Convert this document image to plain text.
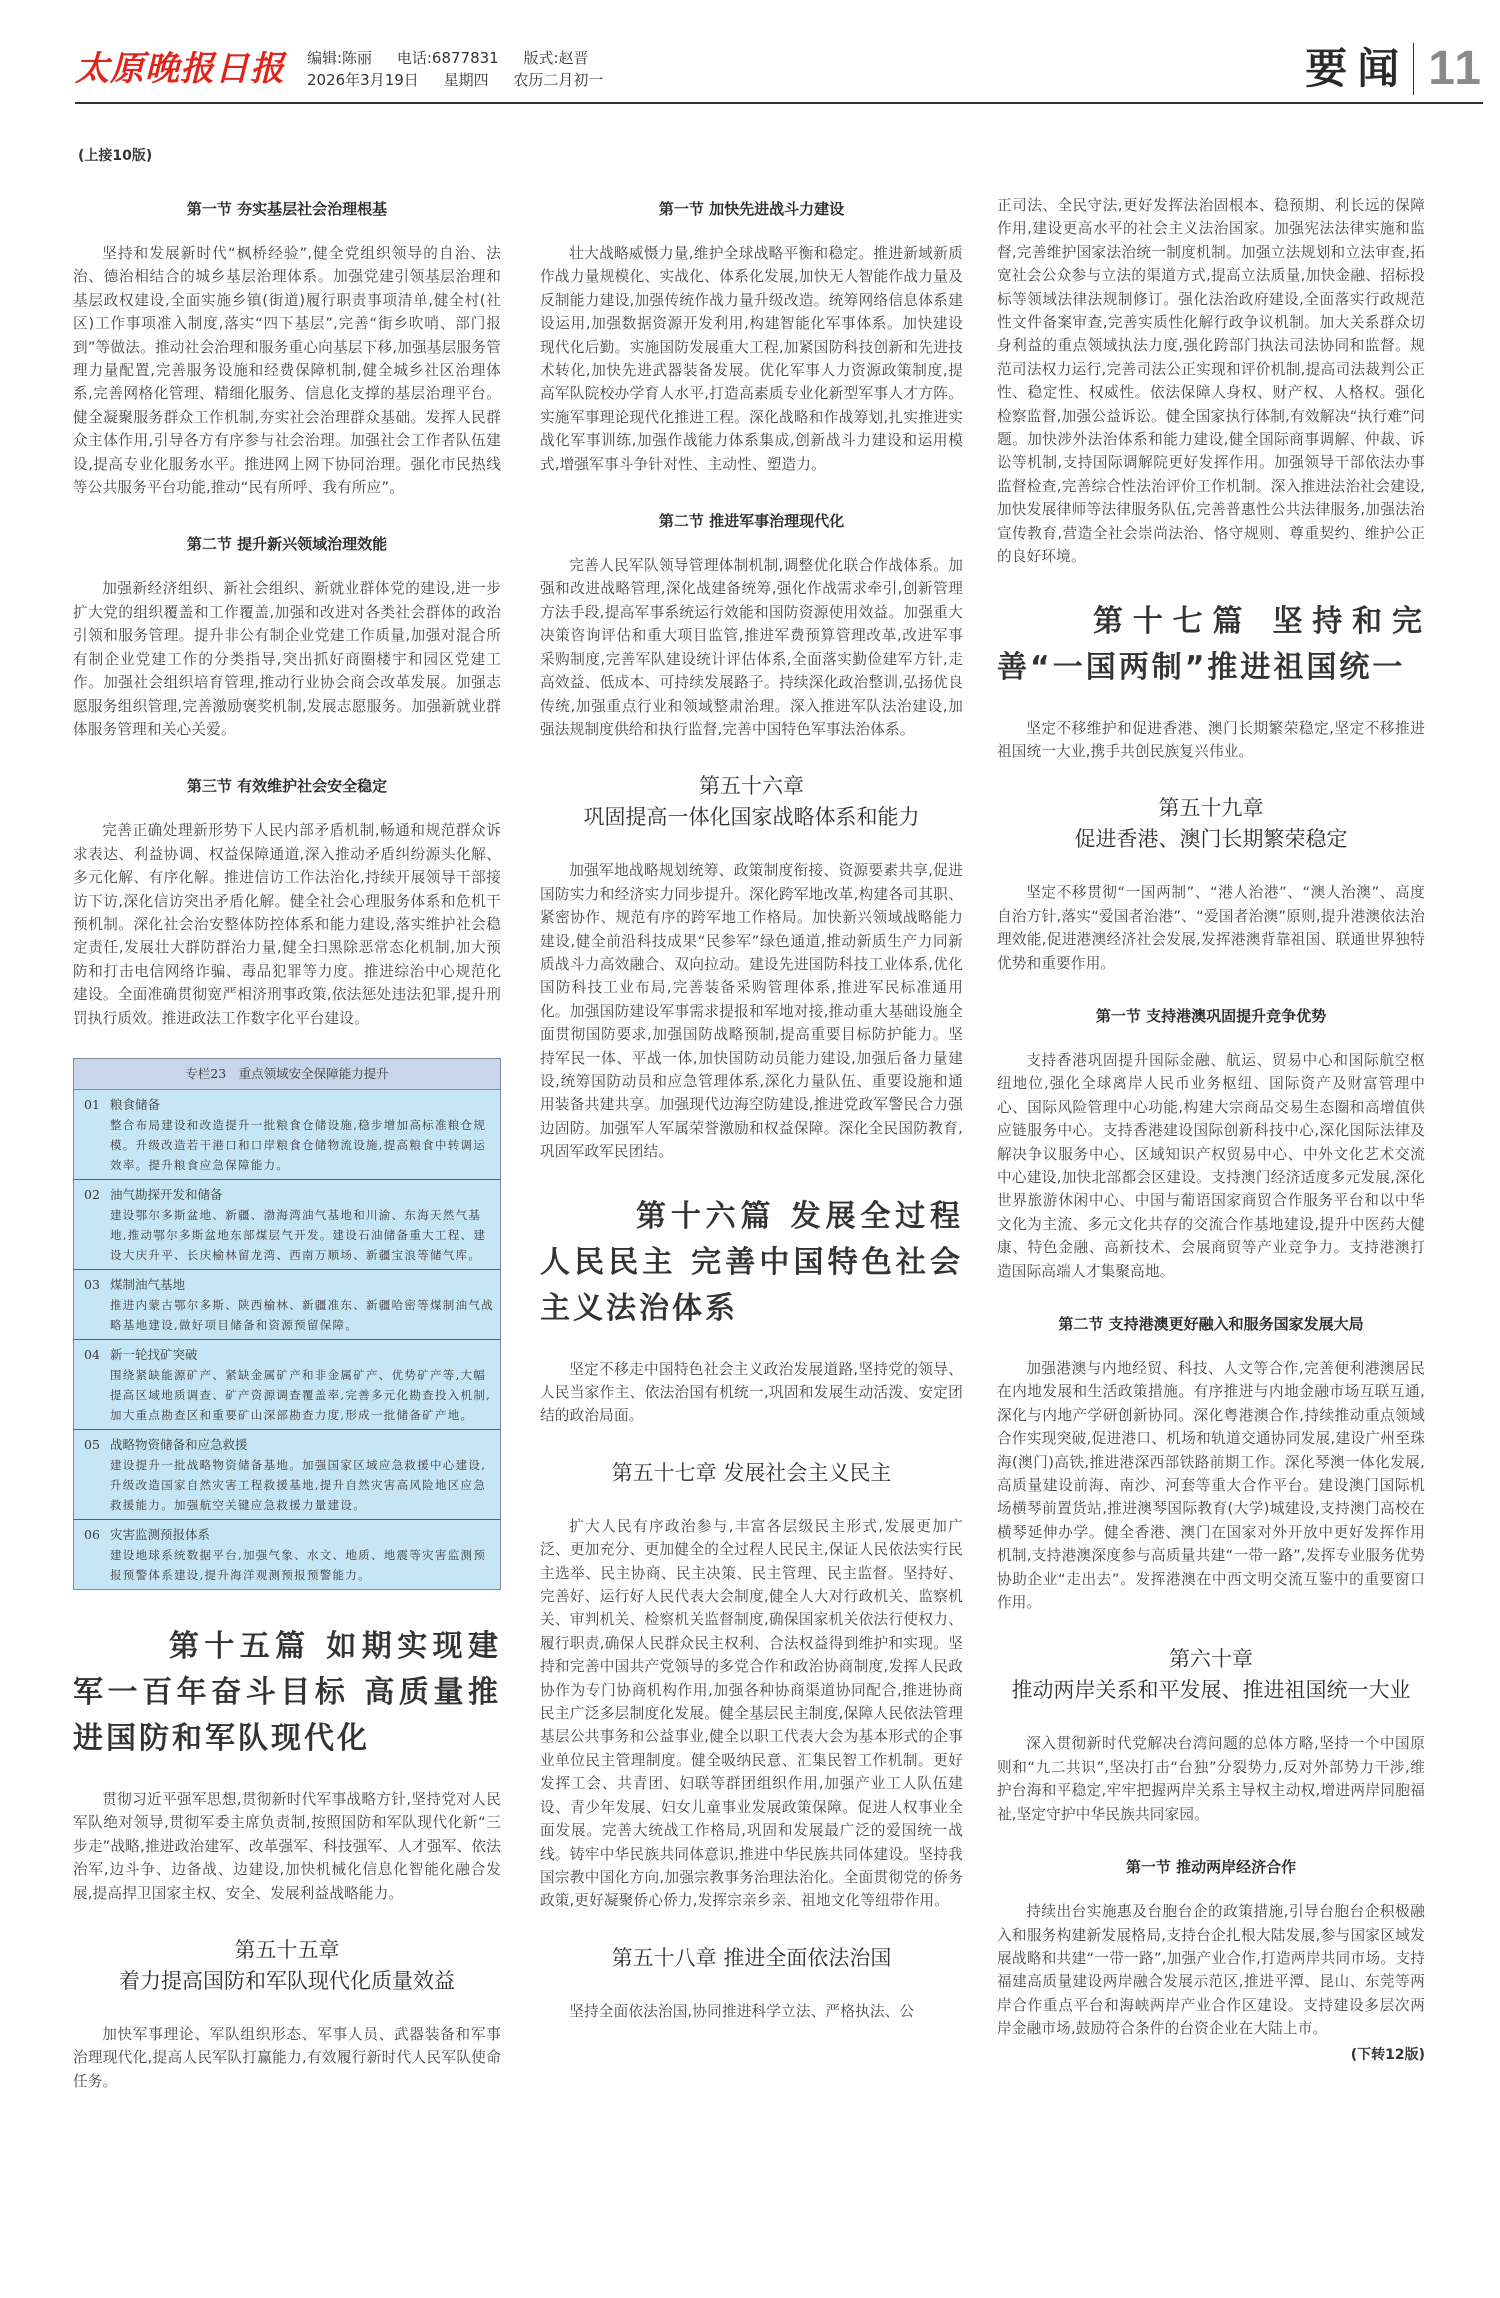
太原晚报日报 编辑:陈丽 电话:6877831 版式:赵晋
2026年3月19日 星期四 农历二月初一	要闻 11
(上接10版)
第一节 夯实基层社会治理根基

坚持和发展新时代“枫桥经验”,健全党组织领导的自治、法治、德治相结合的城乡基层治理体系。加强党建引领基层治理和基层政权建设,全面实施乡镇(街道)履行职责事项清单,健全村(社区)工作事项准入制度,落实“四下基层”,完善“街乡吹哨、部门报到”等做法。推动社会治理和服务重心向基层下移,加强基层服务管理力量配置,完善服务设施和经费保障机制,健全城乡社区治理体系,完善网格化管理、精细化服务、信息化支撑的基层治理平台。健全凝聚服务群众工作机制,夯实社会治理群众基础。发挥人民群众主体作用,引导各方有序参与社会治理。加强社会工作者队伍建设,提高专业化服务水平。推进网上网下协同治理。强化市民热线等公共服务平台功能,推动“民有所呼、我有所应”。

第二节 提升新兴领域治理效能

加强新经济组织、新社会组织、新就业群体党的建设,进一步扩大党的组织覆盖和工作覆盖,加强和改进对各类社会群体的政治引领和服务管理。提升非公有制企业党建工作质量,加强对混合所有制企业党建工作的分类指导,突出抓好商圈楼宇和园区党建工作。加强社会组织培育管理,推动行业协会商会改革发展。加强志愿服务组织管理,完善激励褒奖机制,发展志愿服务。加强新就业群体服务管理和关心关爱。

第三节 有效维护社会安全稳定

完善正确处理新形势下人民内部矛盾机制,畅通和规范群众诉求表达、利益协调、权益保障通道,深入推动矛盾纠纷源头化解、多元化解、有序化解。推进信访工作法治化,持续开展领导干部接访下访,深化信访突出矛盾化解。健全社会心理服务体系和危机干预机制。深化社会治安整体防控体系和能力建设,落实维护社会稳定责任,发展壮大群防群治力量,健全扫黑除恶常态化机制,加大预防和打击电信网络诈骗、毒品犯罪等力度。推进综治中心规范化建设。全面准确贯彻宽严相济刑事政策,依法惩处违法犯罪,提升刑罚执行质效。推进政法工作数字化平台建设。

专栏23　重点领域安全保障能力提升
01 粮食储备
整合布局建设和改造提升一批粮食仓储设施,稳步增加高标准粮仓规模。升级改造若干港口和口岸粮食仓储物流设施,提高粮食中转调运效率。提升粮食应急保障能力。
02 油气勘探开发和储备
建设鄂尔多斯盆地、新疆、渤海湾油气基地和川渝、东海天然气基地,推动鄂尔多斯盆地东部煤层气开发。建设石油储备重大工程、建设大庆升平、长庆榆林留龙湾、西南万顺场、新疆宝浪等储气库。
03 煤制油气基地
推进内蒙古鄂尔多斯、陕西榆林、新疆准东、新疆哈密等煤制油气战略基地建设,做好项目储备和资源预留保障。
04 新一轮找矿突破
围绕紧缺能源矿产、紧缺金属矿产和非金属矿产、优势矿产等,大幅提高区域地质调查、矿产资源调查覆盖率,完善多元化勘查投入机制,加大重点勘查区和重要矿山深部勘查力度,形成一批储备矿产地。
05 战略物资储备和应急救援
建设提升一批战略物资储备基地。加强国家区域应急救援中心建设,升级改造国家自然灾害工程救援基地,提升自然灾害高风险地区应急救援能力。加强航空关键应急救援力量建设。
06 灾害监测预报体系
建设地球系统数据平台,加强气象、水文、地质、地震等灾害监测预报预警体系建设,提升海洋观测预报预警能力。
第十五篇 如期实现建军一百年奋斗目标 高质量推进国防和军队现代化

贯彻习近平强军思想,贯彻新时代军事战略方针,坚持党对人民军队绝对领导,贯彻军委主席负责制,按照国防和军队现代化新“三步走”战略,推进政治建军、改革强军、科技强军、人才强军、依法治军,边斗争、边备战、边建设,加快机械化信息化智能化融合发展,提高捍卫国家主权、安全、发展利益战略能力。

第五十五章
着力提高国防和军队现代化质量效益

加快军事理论、军队组织形态、军事人员、武器装备和军事治理现代化,提高人民军队打赢能力,有效履行新时代人民军队使命任务。

第一节 加快先进战斗力建设

壮大战略威慑力量,维护全球战略平衡和稳定。推进新域新质作战力量规模化、实战化、体系化发展,加快无人智能作战力量及反制能力建设,加强传统作战力量升级改造。统筹网络信息体系建设运用,加强数据资源开发利用,构建智能化军事体系。加快建设现代化后勤。实施国防发展重大工程,加紧国防科技创新和先进技术转化,加快先进武器装备发展。优化军事人力资源政策制度,提高军队院校办学育人水平,打造高素质专业化新型军事人才方阵。实施军事理论现代化推进工程。深化战略和作战筹划,扎实推进实战化军事训练,加强作战能力体系集成,创新战斗力建设和运用模式,增强军事斗争针对性、主动性、塑造力。

第二节 推进军事治理现代化

完善人民军队领导管理体制机制,调整优化联合作战体系。加强和改进战略管理,深化战建备统筹,强化作战需求牵引,创新管理方法手段,提高军事系统运行效能和国防资源使用效益。加强重大决策咨询评估和重大项目监管,推进军费预算管理改革,改进军事采购制度,完善军队建设统计评估体系,全面落实勤俭建军方针,走高效益、低成本、可持续发展路子。持续深化政治整训,弘扬优良传统,加强重点行业和领域整肃治理。深入推进军队法治建设,加强法规制度供给和执行监督,完善中国特色军事法治体系。

第五十六章
巩固提高一体化国家战略体系和能力

加强军地战略规划统筹、政策制度衔接、资源要素共享,促进国防实力和经济实力同步提升。深化跨军地改革,构建各司其职、紧密协作、规范有序的跨军地工作格局。加快新兴领域战略能力建设,健全前沿科技成果“民参军”绿色通道,推动新质生产力同新质战斗力高效融合、双向拉动。建设先进国防科技工业体系,优化国防科技工业布局,完善装备采购管理体系,推进军民标准通用化。加强国防建设军事需求提报和军地对接,推动重大基础设施全面贯彻国防要求,加强国防战略预制,提高重要目标防护能力。坚持军民一体、平战一体,加快国防动员能力建设,加强后备力量建设,统筹国防动员和应急管理体系,深化力量队伍、重要设施和通用装备共建共享。加强现代边海空防建设,推进党政军警民合力强边固防。加强军人军属荣誉激励和权益保障。深化全民国防教育,巩固军政军民团结。

第十六篇 发展全过程人民民主 完善中国特色社会主义法治体系

坚定不移走中国特色社会主义政治发展道路,坚持党的领导、人民当家作主、依法治国有机统一,巩固和发展生动活泼、安定团结的政治局面。

第五十七章 发展社会主义民主

扩大人民有序政治参与,丰富各层级民主形式,发展更加广泛、更加充分、更加健全的全过程人民民主,保证人民依法实行民主选举、民主协商、民主决策、民主管理、民主监督。坚持好、完善好、运行好人民代表大会制度,健全人大对行政机关、监察机关、审判机关、检察机关监督制度,确保国家机关依法行使权力、履行职责,确保人民群众民主权利、合法权益得到维护和实现。坚持和完善中国共产党领导的多党合作和政治协商制度,发挥人民政协作为专门协商机构作用,加强各种协商渠道协同配合,推进协商民主广泛多层制度化发展。健全基层民主制度,保障人民依法管理基层公共事务和公益事业,健全以职工代表大会为基本形式的企事业单位民主管理制度。健全吸纳民意、汇集民智工作机制。更好发挥工会、共青团、妇联等群团组织作用,加强产业工人队伍建设、青少年发展、妇女儿童事业发展政策保障。促进人权事业全面发展。完善大统战工作格局,巩固和发展最广泛的爱国统一战线。铸牢中华民族共同体意识,推进中华民族共同体建设。坚持我国宗教中国化方向,加强宗教事务治理法治化。全面贯彻党的侨务政策,更好凝聚侨心侨力,发挥宗亲乡亲、祖地文化等纽带作用。

第五十八章 推进全面依法治国

坚持全面依法治国,协同推进科学立法、严格执法、公

正司法、全民守法,更好发挥法治固根本、稳预期、利长远的保障作用,建设更高水平的社会主义法治国家。加强宪法法律实施和监督,完善维护国家法治统一制度机制。加强立法规划和立法审查,拓宽社会公众参与立法的渠道方式,提高立法质量,加快金融、招标投标等领域法律法规制修订。强化法治政府建设,全面落实行政规范性文件备案审查,完善实质性化解行政争议机制。加大关系群众切身利益的重点领域执法力度,强化跨部门执法司法协同和监督。规范司法权力运行,完善司法公正实现和评价机制,提高司法裁判公正性、稳定性、权威性。依法保障人身权、财产权、人格权。强化检察监督,加强公益诉讼。健全国家执行体制,有效解决“执行难”问题。加快涉外法治体系和能力建设,健全国际商事调解、仲裁、诉讼等机制,支持国际调解院更好发挥作用。加强领导干部依法办事监督检查,完善综合性法治评价工作机制。深入推进法治社会建设,加快发展律师等法律服务队伍,完善普惠性公共法律服务,加强法治宣传教育,营造全社会崇尚法治、恪守规则、尊重契约、维护公正的良好环境。

第十七篇 坚持和完善“一国两制”推进祖国统一

坚定不移维护和促进香港、澳门长期繁荣稳定,坚定不移推进祖国统一大业,携手共创民族复兴伟业。

第五十九章
促进香港、澳门长期繁荣稳定

坚定不移贯彻“一国两制”、“港人治港”、“澳人治澳”、高度自治方针,落实“爱国者治港”、“爱国者治澳”原则,提升港澳依法治理效能,促进港澳经济社会发展,发挥港澳背靠祖国、联通世界独特优势和重要作用。

第一节 支持港澳巩固提升竞争优势

支持香港巩固提升国际金融、航运、贸易中心和国际航空枢纽地位,强化全球离岸人民币业务枢纽、国际资产及财富管理中心、国际风险管理中心功能,构建大宗商品交易生态圈和高增值供应链服务中心。支持香港建设国际创新科技中心,深化国际法律及解决争议服务中心、区域知识产权贸易中心、中外文化艺术交流中心建设,加快北部都会区建设。支持澳门经济适度多元发展,深化世界旅游休闲中心、中国与葡语国家商贸合作服务平台和以中华文化为主流、多元文化共存的交流合作基地建设,提升中医药大健康、特色金融、高新技术、会展商贸等产业竞争力。支持港澳打造国际高端人才集聚高地。

第二节 支持港澳更好融入和服务国家发展大局

加强港澳与内地经贸、科技、人文等合作,完善便利港澳居民在内地发展和生活政策措施。有序推进与内地金融市场互联互通,深化与内地产学研创新协同。深化粤港澳合作,持续推动重点领域合作实现突破,促进港口、机场和轨道交通协同发展,建设广州至珠海(澳门)高铁,推进港深西部铁路前期工作。深化琴澳一体化发展,高质量建设前海、南沙、河套等重大合作平台。建设澳门国际机场横琴前置货站,推进澳琴国际教育(大学)城建设,支持澳门高校在横琴延伸办学。健全香港、澳门在国家对外开放中更好发挥作用机制,支持港澳深度参与高质量共建“一带一路”,发挥专业服务优势协助企业“走出去”。发挥港澳在中西文明交流互鉴中的重要窗口作用。

第六十章
推动两岸关系和平发展、推进祖国统一大业

深入贯彻新时代党解决台湾问题的总体方略,坚持一个中国原则和“九二共识”,坚决打击“台独”分裂势力,反对外部势力干涉,维护台海和平稳定,牢牢把握两岸关系主导权主动权,增进两岸同胞福祉,坚定守护中华民族共同家园。

第一节 推动两岸经济合作

持续出台实施惠及台胞台企的政策措施,引导台胞台企积极融入和服务构建新发展格局,支持台企扎根大陆发展,参与国家区域发展战略和共建“一带一路”,加强产业合作,打造两岸共同市场。支持福建高质量建设两岸融合发展示范区,推进平潭、昆山、东莞等两岸合作重点平台和海峡两岸产业合作区建设。支持建设多层次两岸金融市场,鼓励符合条件的台资企业在大陆上市。

(下转12版)
